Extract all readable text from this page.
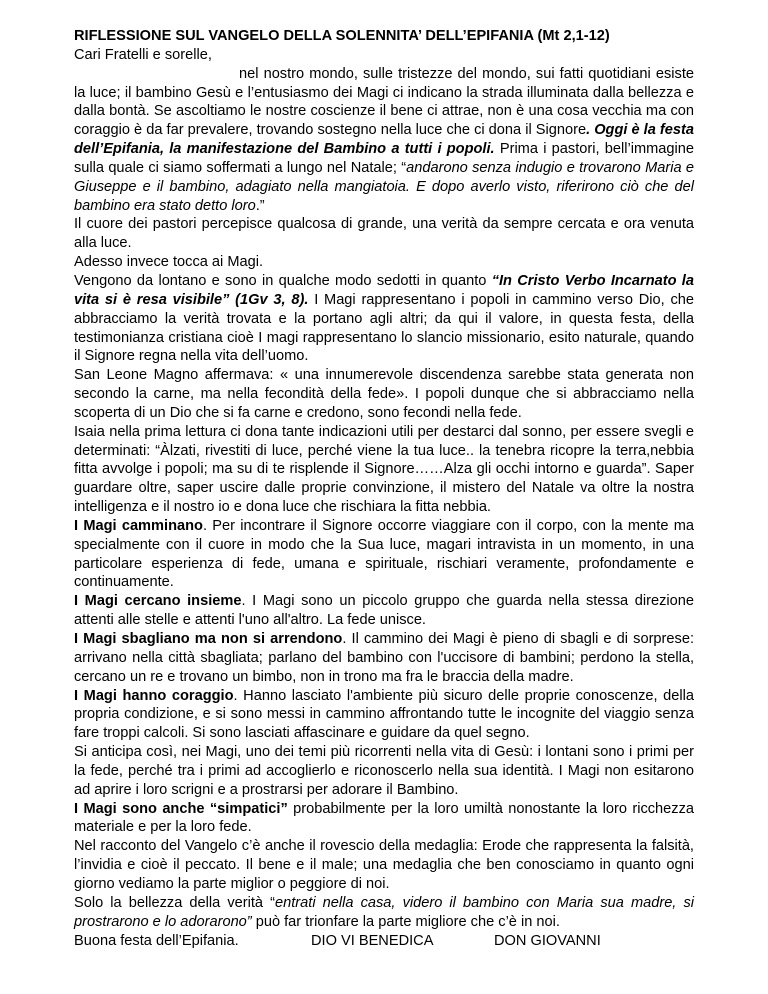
RIFLESSIONE SUL VANGELO DELLA SOLENNITA’ DELL’EPIFANIA (Mt 2,1-12)

Cari Fratelli e sorelle,

nel nostro mondo, sulle tristezze del mondo, sui fatti quotidiani esiste la luce; il bambino Gesù e l’entusiasmo dei Magi ci indicano la strada illuminata dalla bellezza e dalla bontà. Se ascoltiamo le nostre coscienze il bene ci attrae, non è una cosa vecchia ma con coraggio è da far prevalere, trovando sostegno nella luce che ci dona il Signore. Oggi è la festa dell’Epifania, la manifestazione del Bambino a tutti i popoli. Prima i pastori, bell’immagine sulla quale ci siamo soffermati a lungo nel Natale; “andarono senza indugio e trovarono Maria e Giuseppe e il bambino, adagiato nella mangiatoia. E dopo averlo visto, riferirono ciò che del bambino era stato detto loro.”

Il cuore dei pastori percepisce qualcosa di grande, una verità da sempre cercata e ora venuta alla luce.

Adesso invece tocca ai Magi.

Vengono da lontano e sono in qualche modo sedotti in quanto “In Cristo Verbo Incarnato la vita si è resa visibile” (1Gv 3, 8). I Magi rappresentano i popoli in cammino verso Dio, che abbracciamo la verità trovata e la portano agli altri; da qui il valore, in questa festa, della testimonianza cristiana cioè I magi rappresentano lo slancio missionario, esito naturale, quando il Signore regna nella vita dell’uomo.

San Leone Magno affermava: « una innumerevole discendenza sarebbe stata generata non secondo la carne, ma nella fecondità della fede». I popoli dunque che si abbracciamo nella scoperta di un Dio che si fa carne e credono, sono fecondi nella fede.

Isaia nella prima lettura ci dona tante indicazioni utili per destarci dal sonno, per essere svegli e determinati: “Àlzati, rivestiti di luce, perché viene la tua luce.. la tenebra ricopre la terra,nebbia fitta avvolge i popoli; ma su di te risplende il Signore……Alza gli occhi intorno e guarda”. Saper guardare oltre, saper uscire dalle proprie convinzione, il mistero del Natale va oltre la nostra intelligenza e il nostro io e dona luce che rischiara la fitta nebbia.

I Magi camminano. Per incontrare il Signore occorre viaggiare con il corpo, con la mente ma specialmente con il cuore in modo che la Sua luce, magari intravista in un momento, in una particolare esperienza di fede, umana e spirituale, rischiari veramente, profondamente e continuamente.

I Magi cercano insieme. I Magi sono un piccolo gruppo che guarda nella stessa direzione attenti alle stelle e attenti l'uno all'altro. La fede unisce.

I Magi sbagliano ma non si arrendono. Il cammino dei Magi è pieno di sbagli e di sorprese: arrivano nella città sbagliata; parlano del bambino con l'uccisore di bambini; perdono la stella, cercano un re e trovano un bimbo, non in trono ma fra le braccia della madre.

I Magi hanno coraggio. Hanno lasciato l'ambiente più sicuro delle proprie conoscenze, della propria condizione, e si sono messi in cammino affrontando tutte le incognite del viaggio senza fare troppi calcoli. Si sono lasciati affascinare e guidare da quel segno.

Si anticipa così, nei Magi, uno dei temi più ricorrenti nella vita di Gesù: i lontani sono i primi per la fede, perché tra i primi ad accoglierlo e riconoscerlo nella sua identità. I Magi non esitarono ad aprire i loro scrigni e a prostrarsi per adorare il Bambino.

I Magi sono anche “simpatici” probabilmente per la loro umiltà nonostante la loro ricchezza materiale e per la loro fede.

Nel racconto del Vangelo c’è anche il rovescio della medaglia: Erode che rappresenta la falsità, l’invidia e cioè il peccato. Il bene e il male; una medaglia che ben conosciamo in quanto ogni giorno vediamo la parte miglior o peggiore di noi.

Solo la bellezza della verità “entrati nella casa, videro il bambino con Maria sua madre, si prostrarono e lo adorarono” può far trionfare la parte migliore che c’è in noi.

Buona festa dell’Epifania.	DIO VI BENEDICA	DON GIOVANNI
